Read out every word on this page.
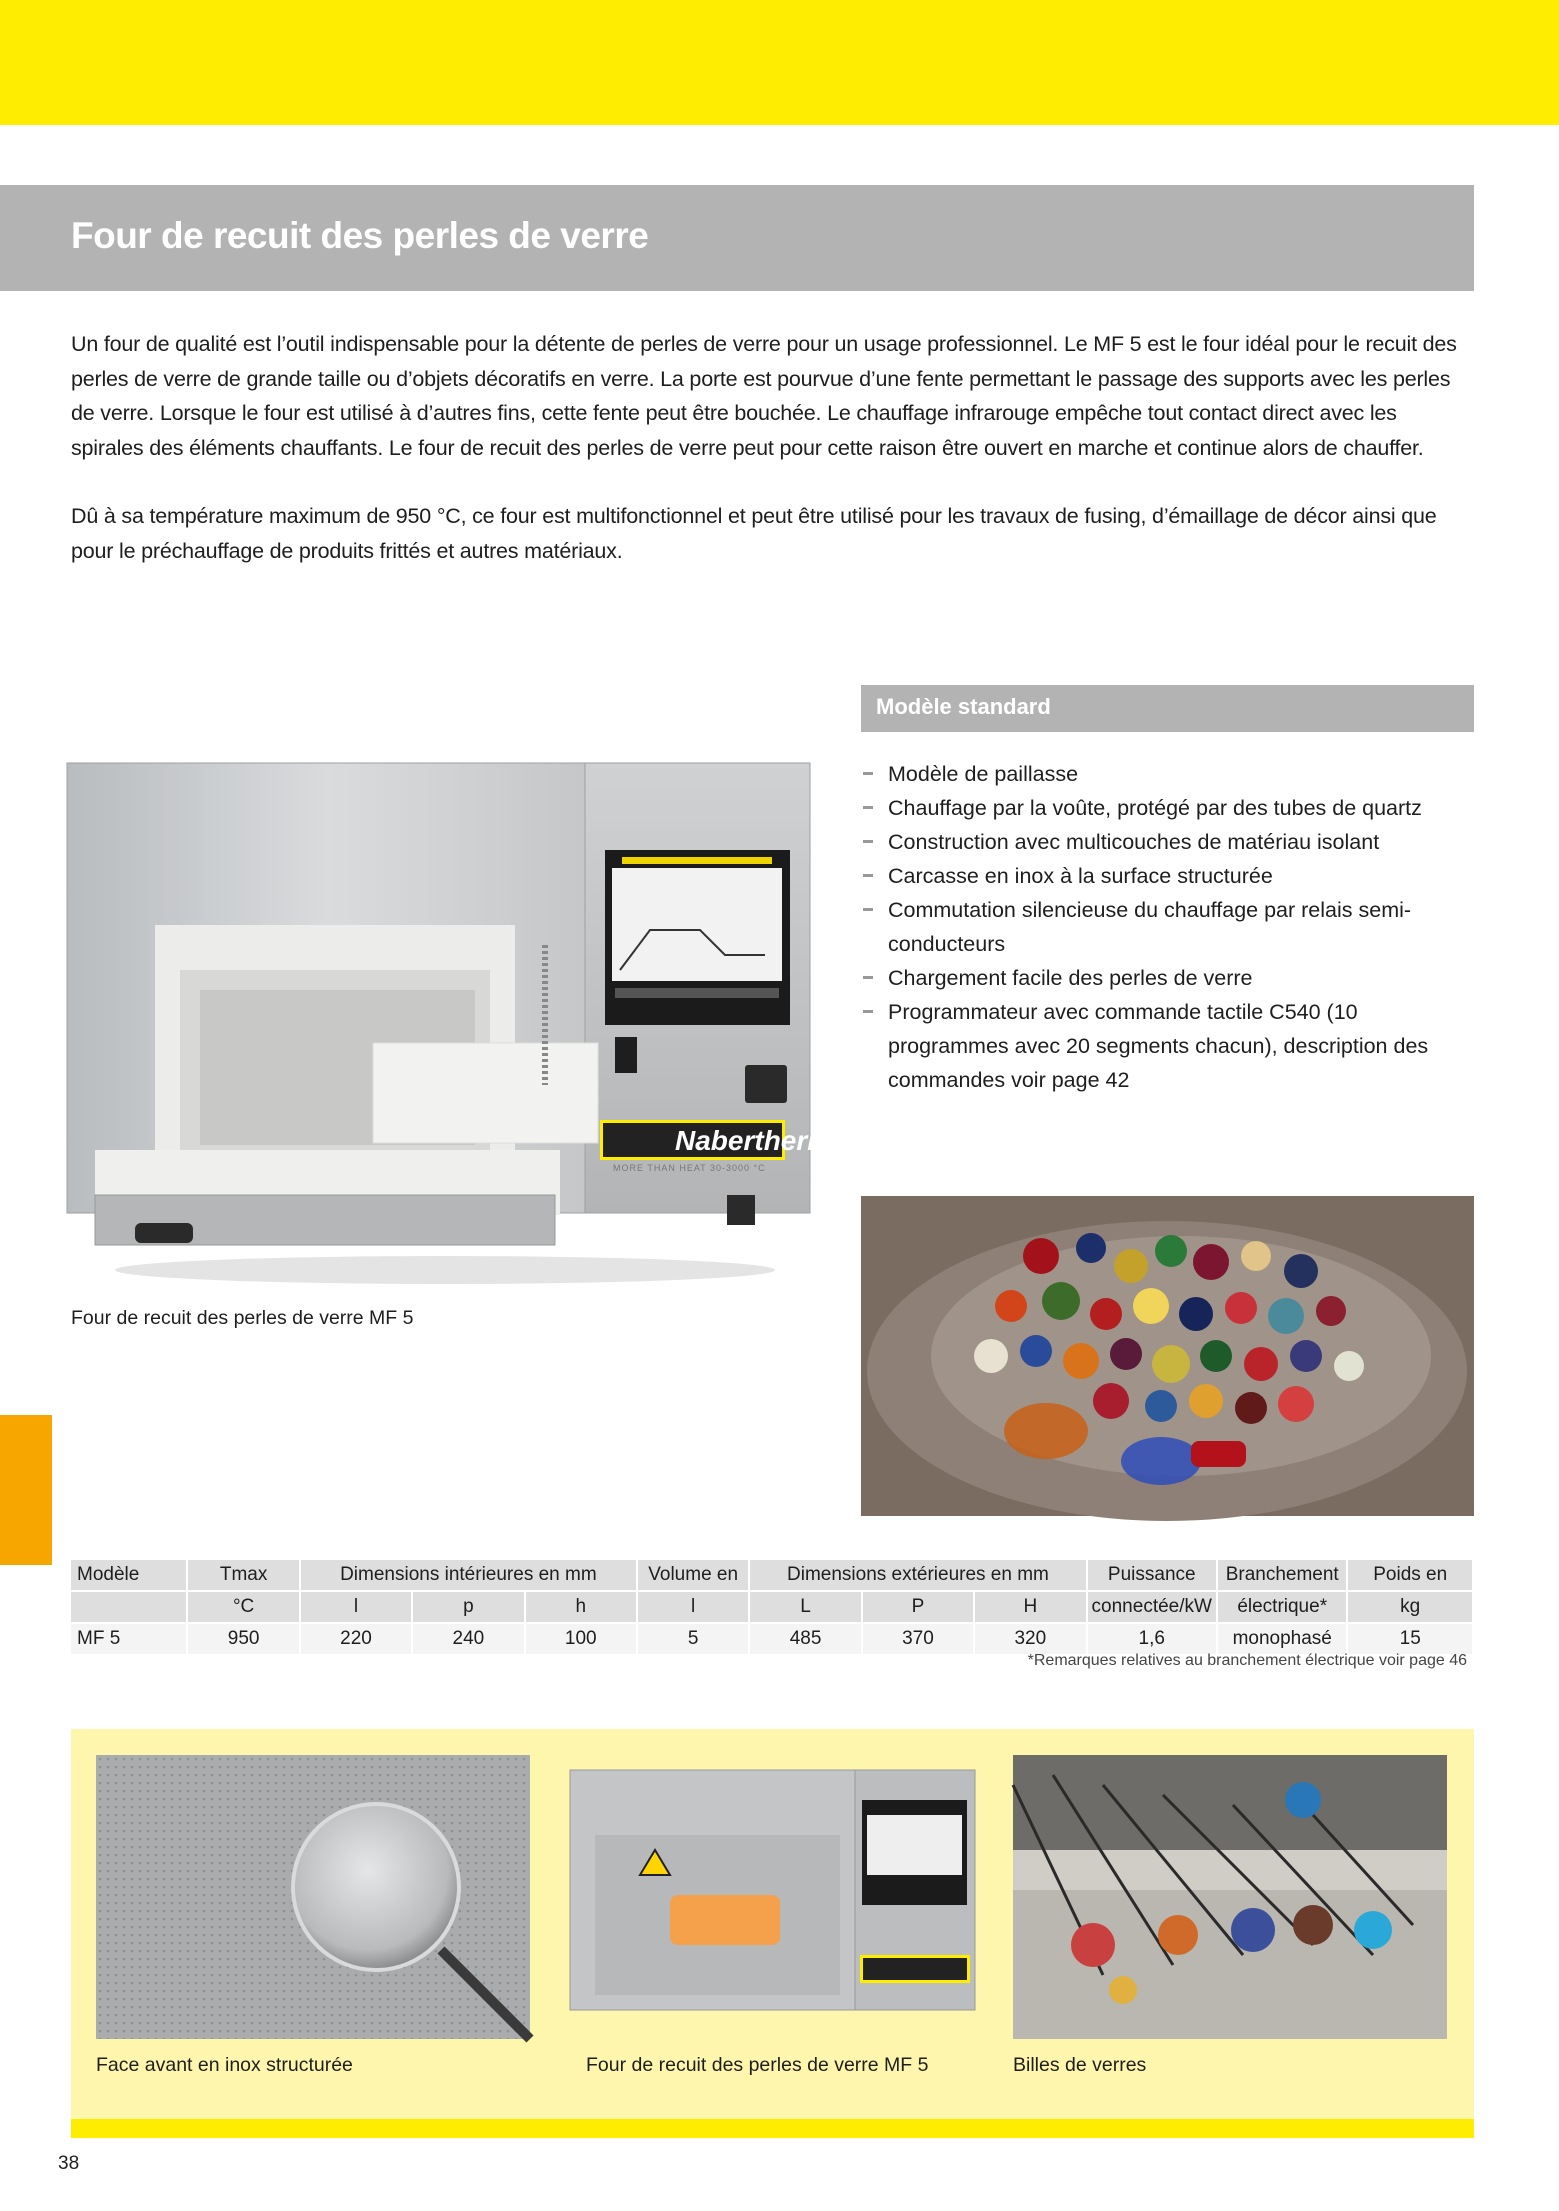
Four de recuit des perles de verre

Un four de qualité est l’outil indispensable pour la détente de perles de verre pour un usage professionnel. Le MF 5 est le four idéal pour le recuit des perles de verre de grande taille ou d’objets décoratifs en verre. La porte est pourvue d’une fente permettant le passage des supports avec les perles de verre. Lorsque le four est utilisé à d’autres fins, cette fente peut être bouchée. Le chauffage infrarouge empêche tout contact direct avec les spirales des éléments chauffants. Le four de recuit des perles de verre peut pour cette raison être ouvert en marche et continue alors de chauffer.

Dû à sa température maximum de 950 °C, ce four est multifonctionnel et peut être utilisé pour les travaux de fusing, d’émaillage de décor ainsi que pour le préchauffage de produits frittés et autres matériaux.

Nabertherm
MORE THAN HEAT 30-3000 °C
Four de recuit des perles de verre MF 5
Modèle standard
Modèle de paillasse
Chauffage par la voûte, protégé par des tubes de quartz
Construction avec multicouches de matériau isolant
Carcasse en inox à la surface structurée
Commutation silencieuse du chauffage par relais semi-conducteurs
Chargement facile des perles de verre
Programmateur avec commande tactile C540 (10 programmes avec 20 segments chacun), description des commandes voir page 42
Modèle	Tmax	Dimensions intérieures en mm			Volume en	Dimensions extérieures en mm			Puissance	Branchement	Poids en
	°C	l	p	h	l	L	P	H	connectée/kW	électrique*	kg
MF 5	950	220	240	100	5	485	370	320	1,6	monophasé	15
*Remarques relatives au branchement électrique voir page 46
Face avant en inox structurée	Four de recuit des perles de verre MF 5	Billes de verres
38
